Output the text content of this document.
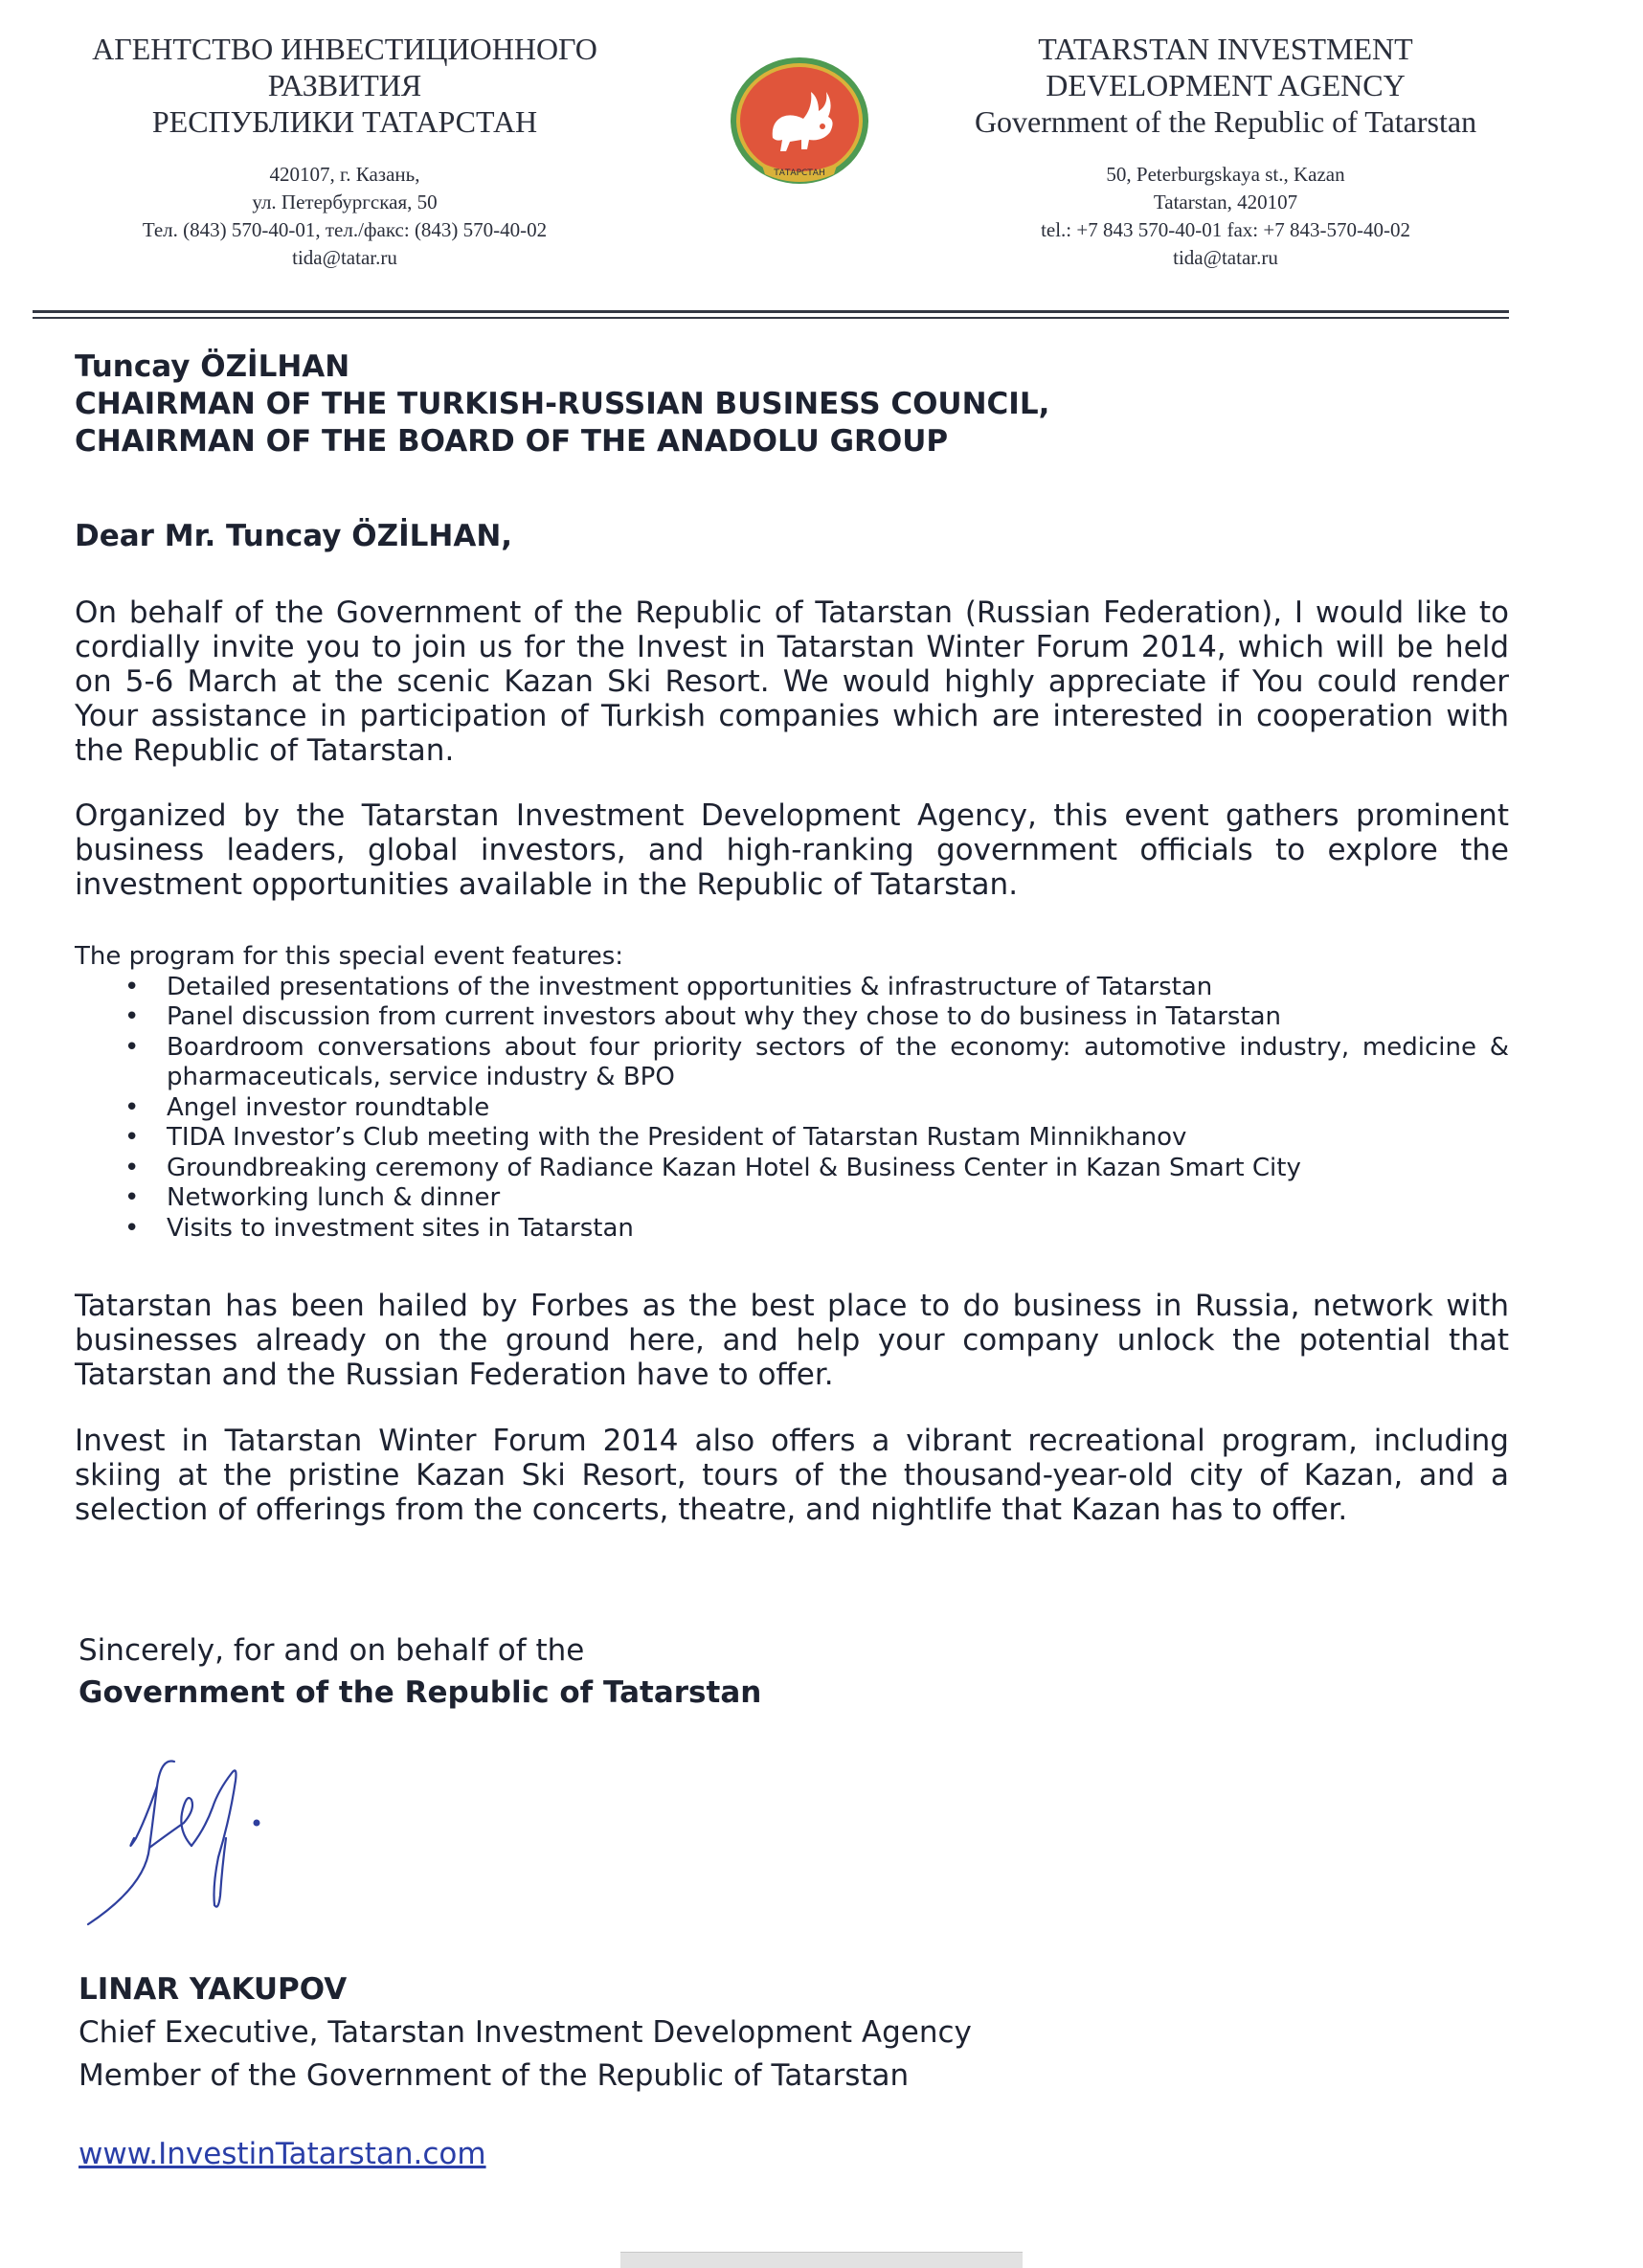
АГЕНТСТВО ИНВЕСТИЦИОННОГО
РАЗВИТИЯ
РЕСПУБЛИКИ ТАТАРСТАН
420107, г. Казань,
ул. Петербургская, 50
Тел. (843) 570-40-01, тел./факс: (843) 570-40-02
tida@tatar.ru
ТАТАРСТАН
TATARSTAN INVESTMENT
DEVELOPMENT AGENCY
Government of the Republic of Tatarstan
50, Peterburgskaya st., Kazan
Tatarstan, 420107
tel.: +7 843 570-40-01 fax: +7 843-570-40-02
tida@tatar.ru
Tuncay ÖZİLHAN
CHAIRMAN OF THE TURKISH-RUSSIAN BUSINESS COUNCIL,
CHAIRMAN OF THE BOARD OF THE ANADOLU GROUP
Dear Mr. Tuncay ÖZİLHAN,
On behalf of the Government of the Republic of Tatarstan (Russian Federation), I would like to cordially invite you to join us for the Invest in Tatarstan Winter Forum 2014, which will be held on 5-6 March at the scenic Kazan Ski Resort. We would highly appreciate if You could render Your assistance in participation of Turkish companies which are interested in cooperation with the Republic of Tatarstan.
Organized by the Tatarstan Investment Development Agency, this event gathers prominent business leaders, global investors, and high-ranking government officials to explore the investment opportunities available in the Republic of Tatarstan.
The program for this special event features:
• Detailed presentations of the investment opportunities & infrastructure of Tatarstan
• Panel discussion from current investors about why they chose to do business in Tatarstan
• Boardroom conversations about four priority sectors of the economy: automotive industry, medicine & pharmaceuticals, service industry & BPO
• Angel investor roundtable
• TIDA Investor’s Club meeting with the President of Tatarstan Rustam Minnikhanov
• Groundbreaking ceremony of Radiance Kazan Hotel & Business Center in Kazan Smart City
• Networking lunch & dinner
• Visits to investment sites in Tatarstan
Tatarstan has been hailed by Forbes as the best place to do business in Russia, network with businesses already on the ground here, and help your company unlock the potential that Tatarstan and the Russian Federation have to offer.
Invest in Tatarstan Winter Forum 2014 also offers a vibrant recreational program, including skiing at the pristine Kazan Ski Resort, tours of the thousand-year-old city of Kazan, and a selection of offerings from the concerts, theatre, and nightlife that Kazan has to offer.
Sincerely, for and on behalf of the
Government of the Republic of Tatarstan
LINAR YAKUPOV
Chief Executive, Tatarstan Investment Development Agency
Member of the Government of the Republic of Tatarstan
www.InvestinTatarstan.com
